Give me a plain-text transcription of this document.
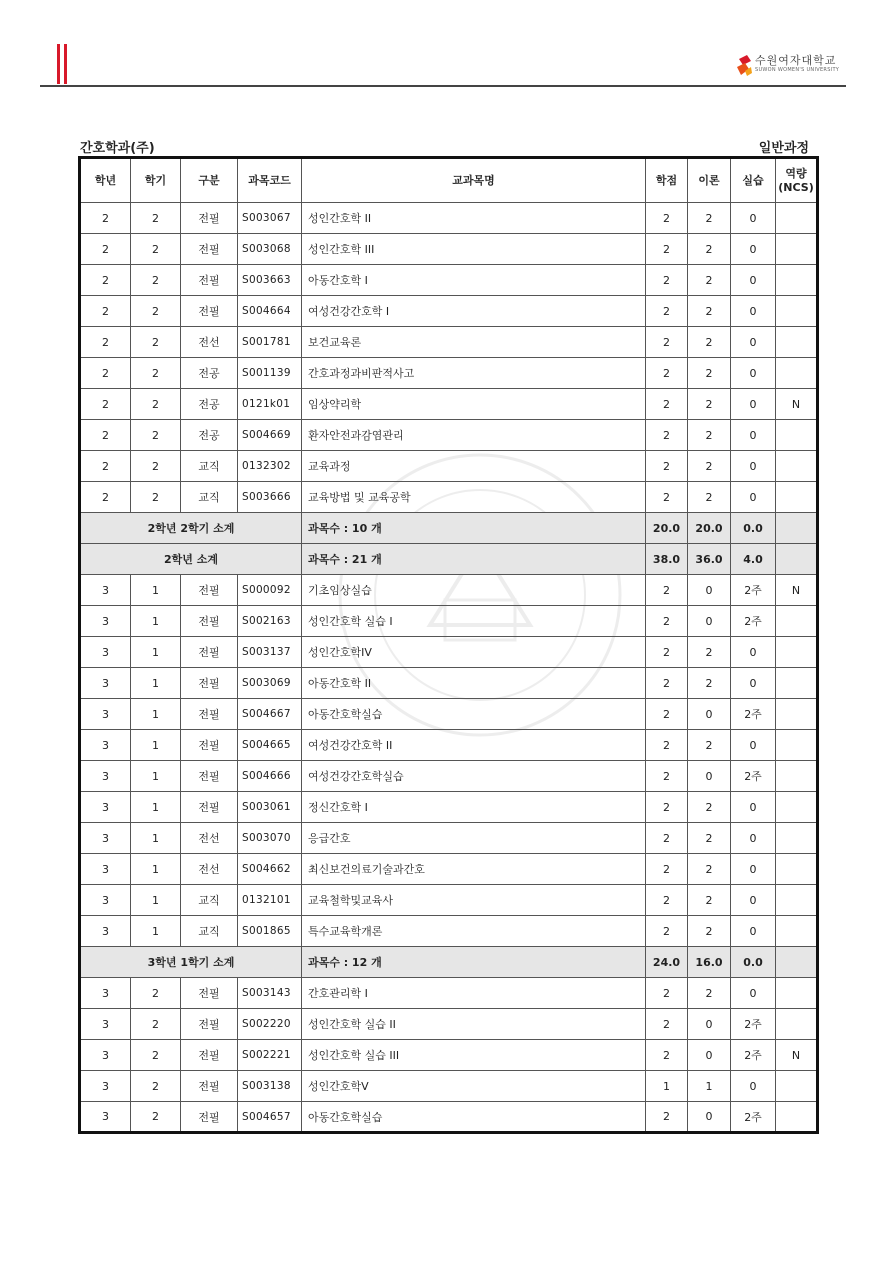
수원여자대학교
SUWON WOMEN'S UNIVERSITY
간호학과(주)	일반과정
학년	학기	구분	과목코드	교과목명	학점	이론	실습	역량
(NCS)
2	2	전필	S003067	성인간호학 II	2	2	0	
2	2	전필	S003068	성인간호학 III	2	2	0	
2	2	전필	S003663	아동간호학 I	2	2	0	
2	2	전필	S004664	여성건강간호학 I	2	2	0	
2	2	전선	S001781	보건교육론	2	2	0	
2	2	전공	S001139	간호과정과비판적사고	2	2	0	
2	2	전공	0121k01	임상약리학	2	2	0	N
2	2	전공	S004669	환자안전과감염관리	2	2	0	
2	2	교직	0132302	교육과정	2	2	0	
2	2	교직	S003666	교육방법 및 교육공학	2	2	0	
2학년 2학기 소계				과목수 : 10 개	20.0	20.0	0.0	
2학년 소계				과목수 : 21 개	38.0	36.0	4.0	
3	1	전필	S000092	기초임상실습	2	0	2주	N
3	1	전필	S002163	성인간호학 실습 I	2	0	2주	
3	1	전필	S003137	성인간호학IV	2	2	0	
3	1	전필	S003069	아동간호학 II	2	2	0	
3	1	전필	S004667	아동간호학실습	2	0	2주	
3	1	전필	S004665	여성건강간호학 II	2	2	0	
3	1	전필	S004666	여성건강간호학실습	2	0	2주	
3	1	전필	S003061	정신간호학 I	2	2	0	
3	1	전선	S003070	응급간호	2	2	0	
3	1	전선	S004662	최신보건의료기술과간호	2	2	0	
3	1	교직	0132101	교육철학및교육사	2	2	0	
3	1	교직	S001865	특수교육학개론	2	2	0	
3학년 1학기 소계				과목수 : 12 개	24.0	16.0	0.0	
3	2	전필	S003143	간호관리학 I	2	2	0	
3	2	전필	S002220	성인간호학 실습 II	2	0	2주	
3	2	전필	S002221	성인간호학 실습 III	2	0	2주	N
3	2	전필	S003138	성인간호학V	1	1	0	
3	2	전필	S004657	아동간호학실습	2	0	2주	
